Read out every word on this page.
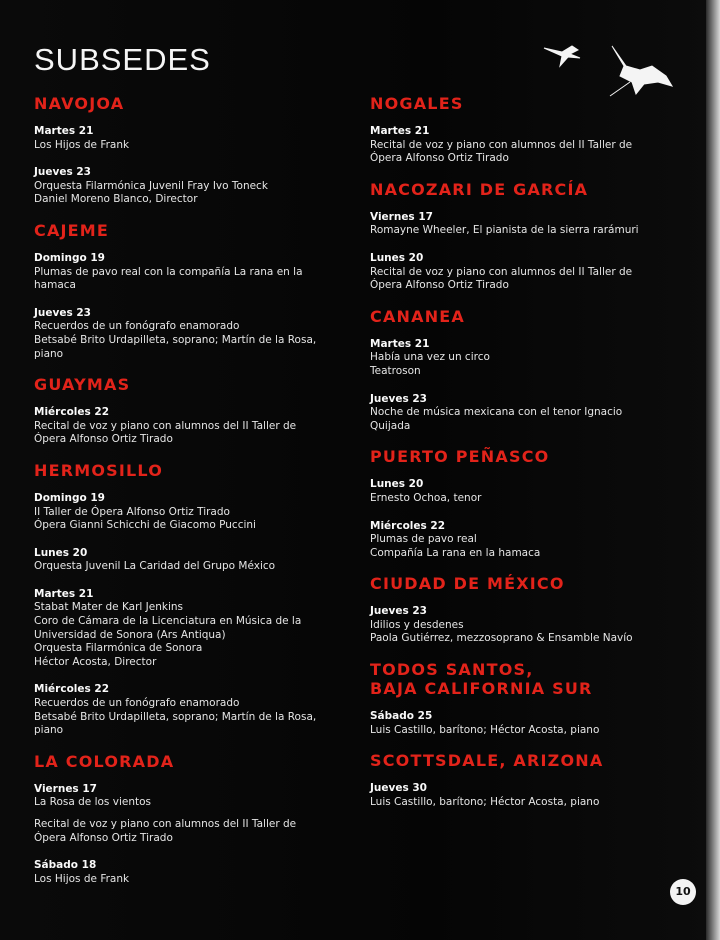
SUBSEDES
NAVOJOA
Martes 21
Los Hijos de Frank
Jueves 23
Orquesta Filarmónica Juvenil Fray Ivo Toneck
Daniel Moreno Blanco, Director
CAJEME
Domingo 19
Plumas de pavo real con la compañía La rana en la
hamaca
Jueves 23
Recuerdos de un fonógrafo enamorado
Betsabé Brito Urdapilleta, soprano; Martín de la Rosa,
piano
GUAYMAS
Miércoles 22
Recital de voz y piano con alumnos del II Taller de
Ópera Alfonso Ortiz Tirado
HERMOSILLO
Domingo 19
II Taller de Ópera Alfonso Ortiz Tirado
Ópera Gianni Schicchi de Giacomo Puccini
Lunes 20
Orquesta Juvenil La Caridad del Grupo México
Martes 21
Stabat Mater de Karl Jenkins
Coro de Cámara de la Licenciatura en Música de la
Universidad de Sonora (Ars Antiqua)
Orquesta Filarmónica de Sonora
Héctor Acosta, Director
Miércoles 22
Recuerdos de un fonógrafo enamorado
Betsabé Brito Urdapilleta, soprano; Martín de la Rosa,
piano
LA COLORADA
Viernes 17
La Rosa de los vientos
Recital de voz y piano con alumnos del II Taller de
Ópera Alfonso Ortiz Tirado
Sábado 18
Los Hijos de Frank
NOGALES
Martes 21
Recital de voz y piano con alumnos del II Taller de
Ópera Alfonso Ortiz Tirado
NACOZARI DE GARCÍA
Viernes 17
Romayne Wheeler, El pianista de la sierra rarámuri
Lunes 20
Recital de voz y piano con alumnos del II Taller de
Ópera Alfonso Ortiz Tirado
CANANEA
Martes 21
Había una vez un circo
Teatroson
Jueves 23
Noche de música mexicana con el tenor Ignacio
Quijada
PUERTO PEÑASCO
Lunes 20
Ernesto Ochoa, tenor
Miércoles 22
Plumas de pavo real
Compañía La rana en la hamaca
CIUDAD DE MÉXICO
Jueves 23
Idilios y desdenes
Paola Gutiérrez, mezzosoprano & Ensamble Navío
TODOS SANTOS,
BAJA CALIFORNIA SUR
Sábado 25
Luis Castillo, barítono; Héctor Acosta, piano
SCOTTSDALE, ARIZONA
Jueves 30
Luis Castillo, barítono; Héctor Acosta, piano
10
